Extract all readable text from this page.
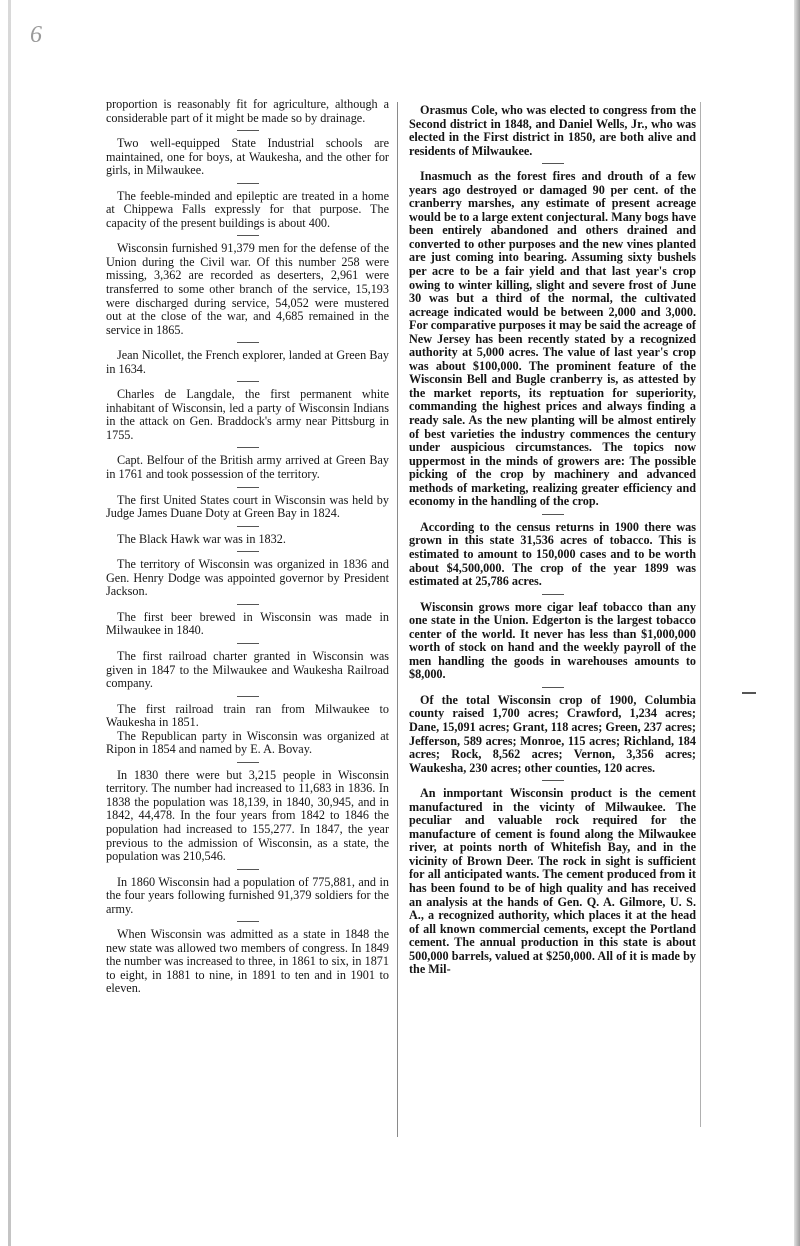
6

proportion is reasonably fit for agriculture, although a considerable part of it might be made so by drainage.

Two well-equipped State Industrial schools are maintained, one for boys, at Waukesha, and the other for girls, in Milwaukee.

The feeble-minded and epileptic are treated in a home at Chippewa Falls expressly for that purpose. The capacity of the present buildings is about 400.

Wisconsin furnished 91,379 men for the defense of the Union during the Civil war. Of this number 258 were missing, 3,362 are recorded as deserters, 2,961 were transferred to some other branch of the service, 15,193 were discharged during service, 54,052 were mustered out at the close of the war, and 4,685 remained in the service in 1865.

Jean Nicollet, the French explorer, landed at Green Bay in 1634.

Charles de Langdale, the first permanent white inhabitant of Wisconsin, led a party of Wisconsin Indians in the attack on Gen. Braddock's army near Pittsburg in 1755.

Capt. Belfour of the British army arrived at Green Bay in 1761 and took possession of the territory.

The first United States court in Wisconsin was held by Judge James Duane Doty at Green Bay in 1824.

The Black Hawk war was in 1832.

The territory of Wisconsin was organized in 1836 and Gen. Henry Dodge was appointed governor by President Jackson.

The first beer brewed in Wisconsin was made in Milwaukee in 1840.

The first railroad charter granted in Wisconsin was given in 1847 to the Milwaukee and Waukesha Railroad company.

The first railroad train ran from Milwaukee to Waukesha in 1851.

The Republican party in Wisconsin was organized at Ripon in 1854 and named by E. A. Bovay.

In 1830 there were but 3,215 people in Wisconsin territory. The number had increased to 11,683 in 1836. In 1838 the population was 18,139, in 1840, 30,945, and in 1842, 44,478. In the four years from 1842 to 1846 the population had increased to 155,277. In 1847, the year previous to the admission of Wisconsin, as a state, the population was 210,546.

In 1860 Wisconsin had a population of 775,881, and in the four years following furnished 91,379 soldiers for the army.

When Wisconsin was admitted as a state in 1848 the new state was allowed two members of congress. In 1849 the number was increased to three, in 1861 to six, in 1871 to eight, in 1881 to nine, in 1891 to ten and in 1901 to eleven.

Orasmus Cole, who was elected to congress from the Second district in 1848, and Daniel Wells, Jr., who was elected in the First district in 1850, are both alive and residents of Milwaukee.

Inasmuch as the forest fires and drouth of a few years ago destroyed or damaged 90 per cent. of the cranberry marshes, any estimate of present acreage would be to a large extent conjectural. Many bogs have been entirely abandoned and others drained and converted to other purposes and the new vines planted are just coming into bearing. Assuming sixty bushels per acre to be a fair yield and that last year's crop owing to winter killing, slight and severe frost of June 30 was but a third of the normal, the cultivated acreage indicated would be between 2,000 and 3,000. For comparative purposes it may be said the acreage of New Jersey has been recently stated by a recognized authority at 5,000 acres. The value of last year's crop was about $100,000. The prominent feature of the Wisconsin Bell and Bugle cranberry is, as attested by the market reports, its reptuation for superiority, commanding the highest prices and always finding a ready sale. As the new planting will be almost entirely of best varieties the industry commences the century under auspicious circumstances. The topics now uppermost in the minds of growers are: The possible picking of the crop by machinery and advanced methods of marketing, realizing greater efficiency and economy in the handling of the crop.

According to the census returns in 1900 there was grown in this state 31,536 acres of tobacco. This is estimated to amount to 150,000 cases and to be worth about $4,500,000. The crop of the year 1899 was estimated at 25,786 acres.

Wisconsin grows more cigar leaf tobacco than any one state in the Union. Edgerton is the largest tobacco center of the world. It never has less than $1,000,000 worth of stock on hand and the weekly payroll of the men handling the goods in warehouses amounts to $8,000.

Of the total Wisconsin crop of 1900, Columbia county raised 1,700 acres; Crawford, 1,234 acres; Dane, 15,091 acres; Grant, 118 acres; Green, 237 acres; Jefferson, 589 acres; Monroe, 115 acres; Richland, 184 acres; Rock, 8,562 acres; Vernon, 3,356 acres; Waukesha, 230 acres; other counties, 120 acres.

An inmportant Wisconsin product is the cement manufactured in the vicinty of Milwaukee. The peculiar and valuable rock required for the manufacture of cement is found along the Milwaukee river, at points north of Whitefish Bay, and in the vicinity of Brown Deer. The rock in sight is sufficient for all anticipated wants. The cement produced from it has been found to be of high quality and has received an analysis at the hands of Gen. Q. A. Gilmore, U. S. A., a recognized authority, which places it at the head of all known commercial cements, except the Portland cement. The annual production in this state is about 500,000 barrels, valued at $250,000. All of it is made by the Mil-
